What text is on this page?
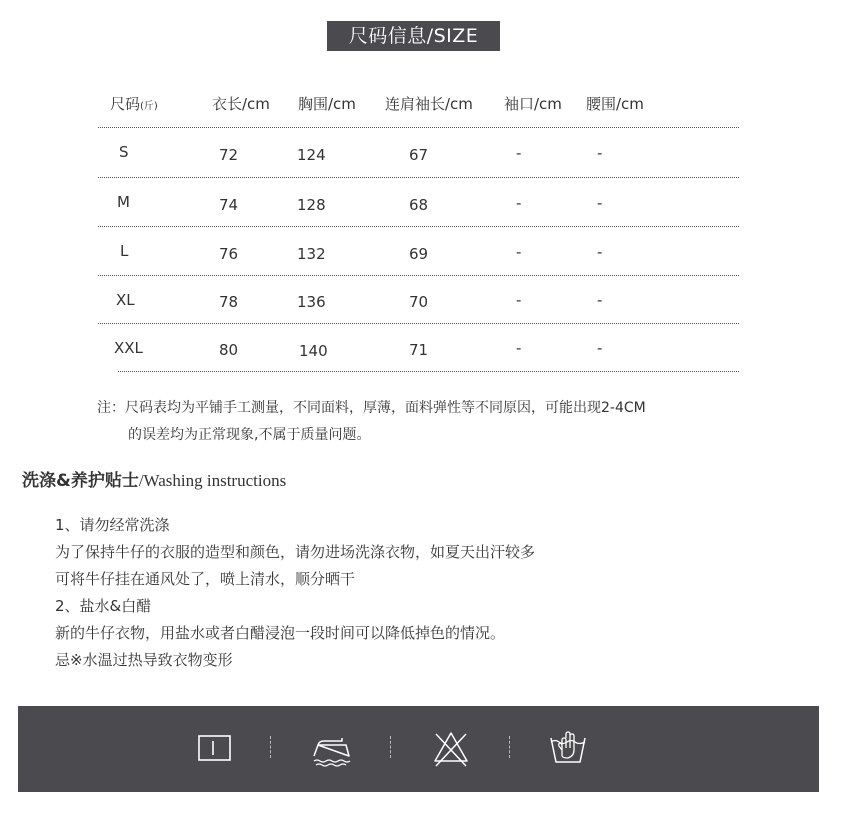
尺码信息/SIZE
尺码(斤)	衣长/cm 胸围/cm 连肩袖长/cm 袖口/cm 腰围/cm
S	72	124	67	-	-
M	74	128	68	-	-
L	76	132	69	-	-
XL	78	136	70	-	-
XXL	80	140	71	-	-
注：尺码表均为平铺手工测量，不同面料，厚薄，面料弹性等不同原因，可能出现2-4CM
的误差均为正常现象,不属于质量问题。
洗涤&养护贴士/Washing instructions
1、请勿经常洗涤
为了保持牛仔的衣服的造型和颜色，请勿进场洗涤衣物，如夏天出汗较多
可将牛仔挂在通风处了，喷上清水，顺分晒干
2、盐水&白醋
新的牛仔衣物，用盐水或者白醋浸泡一段时间可以降低掉色的情况。
忌※水温过热导致衣物变形
